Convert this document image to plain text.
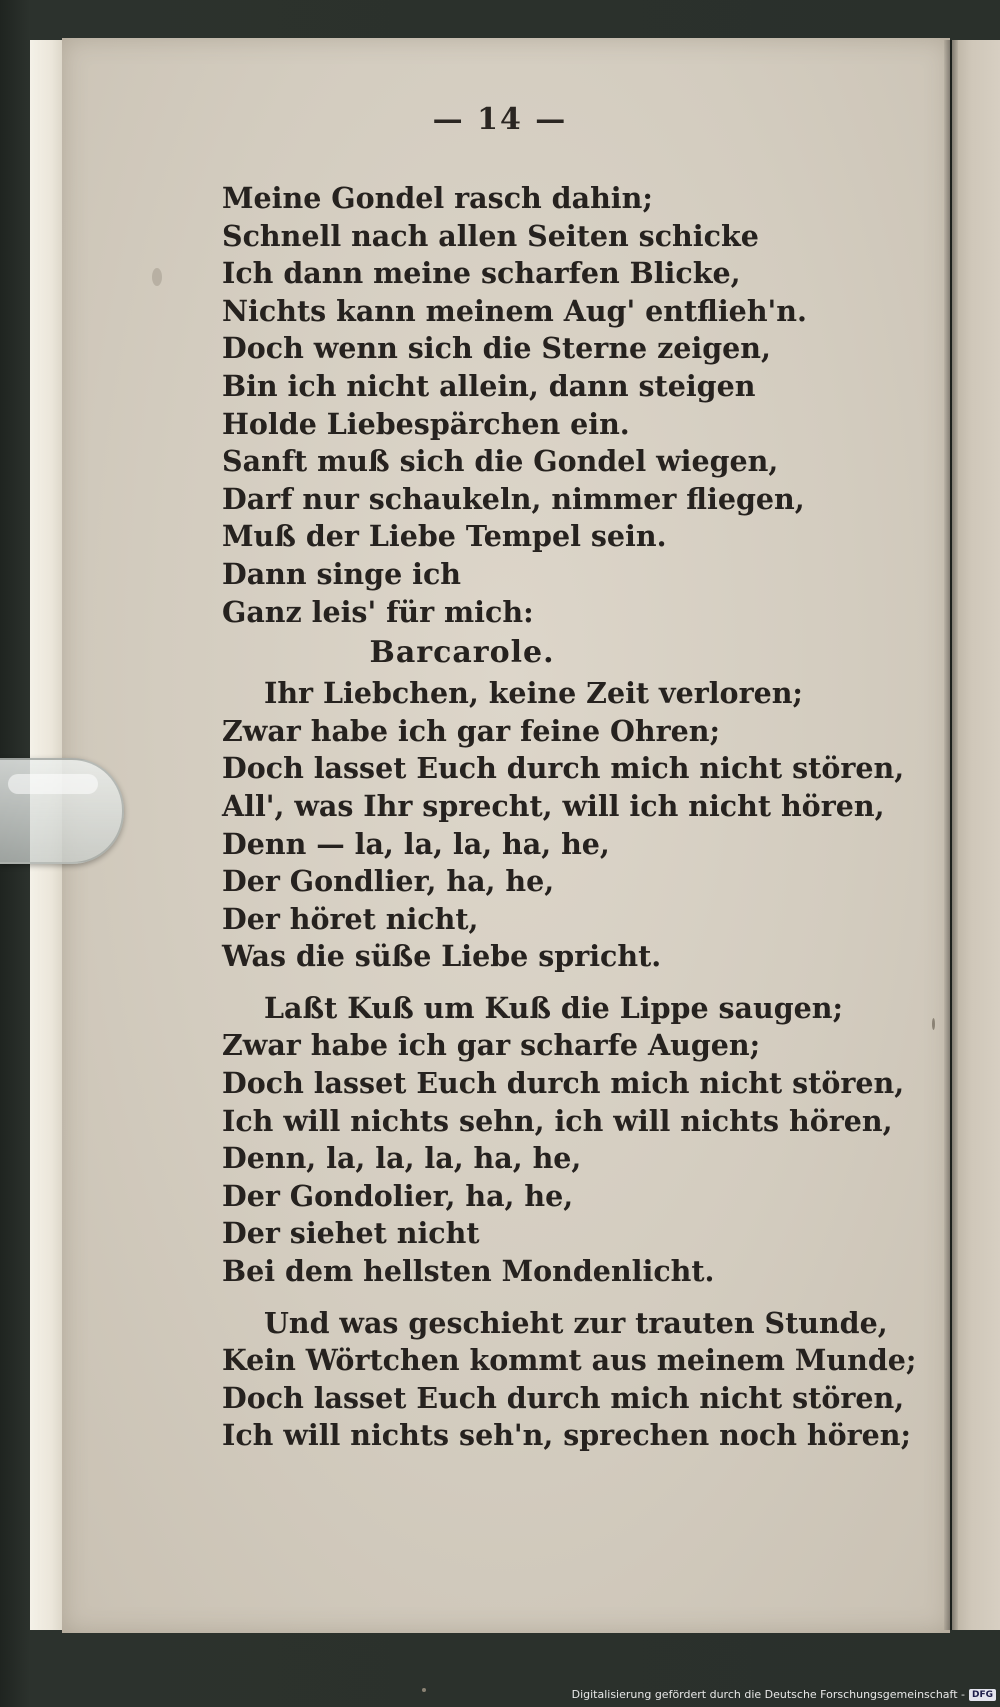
— 14 —
Meine Gondel rasch dahin;
Schnell nach allen Seiten schicke
Ich dann meine scharfen Blicke,
Nichts kann meinem Aug' entflieh'n.
Doch wenn sich die Sterne zeigen,
Bin ich nicht allein, dann steigen
Holde Liebespärchen ein.
Sanft muß sich die Gondel wiegen,
Darf nur schaukeln, nimmer fliegen,
Muß der Liebe Tempel sein.
Dann singe ich
Ganz leis' für mich:
Barcarole.
Ihr Liebchen, keine Zeit verloren;
Zwar habe ich gar feine Ohren;
Doch lasset Euch durch mich nicht stören,
All', was Ihr sprecht, will ich nicht hören,
Denn — la, la, la, ha, he,
Der Gondlier, ha, he,
Der höret nicht,
Was die süße Liebe spricht.
Laßt Kuß um Kuß die Lippe saugen;
Zwar habe ich gar scharfe Augen;
Doch lasset Euch durch mich nicht stören,
Ich will nichts sehn, ich will nichts hören,
Denn, la, la, la, ha, he,
Der Gondolier, ha, he,
Der siehet nicht
Bei dem hellsten Mondenlicht.
Und was geschieht zur trauten Stunde,
Kein Wörtchen kommt aus meinem Munde;
Doch lasset Euch durch mich nicht stören,
Ich will nichts seh'n, sprechen noch hören;
Digitalisierung gefördert durch die Deutsche Forschungsgemeinschaft - DFG
